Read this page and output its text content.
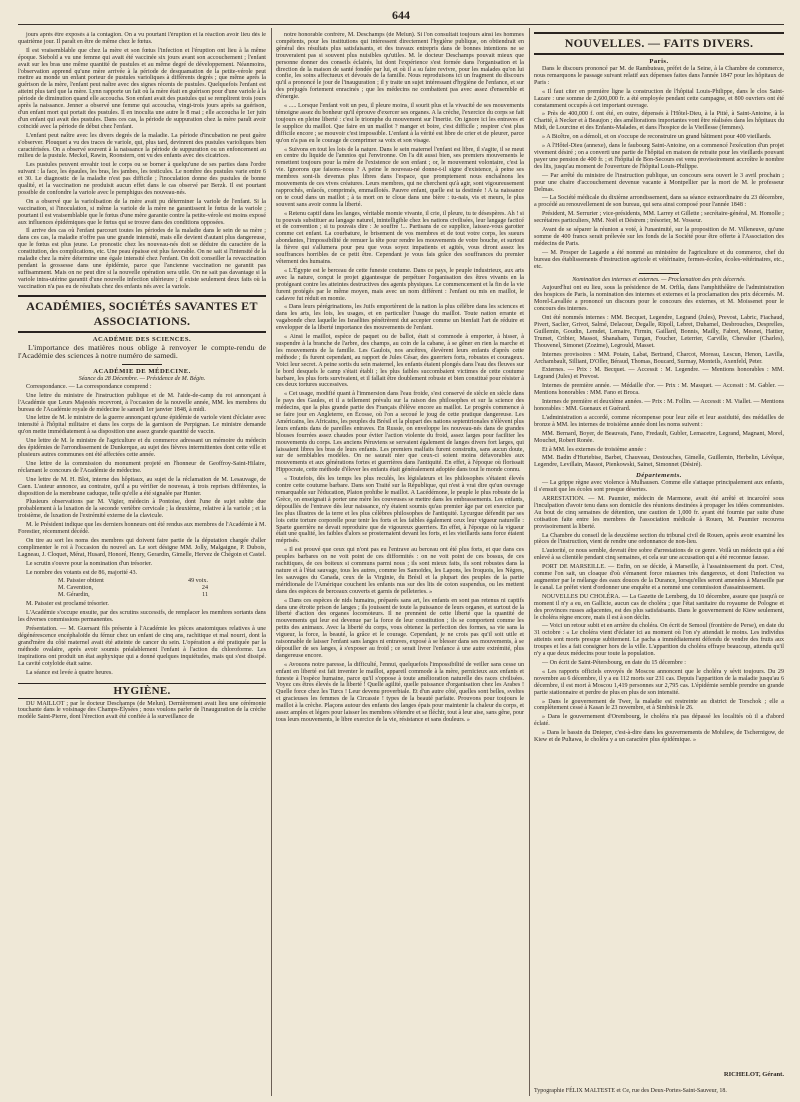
644

jours après être exposés à la contagion. On a vu pourtant l'éruption et la réaction avoir lieu dès le quatrième jour. Il paraît en être de même chez le fœtus.

Il est vraisemblable que chez la mère et son fœtus l'infection et l'éruption ont lieu à la même époque. Siebold a vu une femme qui avait été vaccinée six jours avant son accouchement ; l'enfant avait sur les bras une même quantité de pustules et au même degré de développement. Néanmoins, l'observation apprend qu'une mère arrivée à la période de desquamation de la petite-vérole peut mettre au monde un enfant porteur de pustules varioliques à différents degrés ; que même après la guérison de la mère, l'enfant peut naître avec des signes récents de pustules. Quelquefois l'enfant est atteint plus tard que la mère. Lynn rapporte un fait où la mère était en guérison pour d'une variole à la période de diminution quand elle accoucha. Son enfant avait des pustules qui se remplirent trois jours après la naissance. Jenner a observé une femme qui accoucha, vingt-trois jours après sa guérison, d'un enfant mort qui portait des pustules. Il en inoculta une autre le 8 mai ; elle accoucha le 1er juin d'un enfant qui avait des pustules. Dans ces cas, la période de suppuration chez la mère paraît avoir coïncidé avec la période de début chez l'enfant.

L'enfant peut naître avec les divers degrés de la maladie. La période d'incubation ne peut guère s'observer. Plouquet a vu des traces de variole, qui, plus tard, devinrent des pustules varioliques bien caractérisées. On a observé souvent à la naissance la période de suppuration ou un enfoncement au milieu de la pustule. Meckel, Rawin, Roonstern, ont vu des enfants avec des cicatrices.

Les pustules peuvent envahir tout le corps ou se borner à quelqu'une de ses parties dans l'ordre suivant : la face, les épaules, les bras, les jambes, les testicules. Le nombre des pustules varie entre 6 et 30. Le diagnostic de la maladie n'est pas difficile ; l'inoculation donne des pustules de bonne qualité, et la vaccination ne produisit aucun effet dans le cas observé par Berzk. Il est pourtant possible de confondre la variole avec le pemphigus des nouveau-nés.

On a observé que la variolisation de la mère avait pu déterminer la variole de l'enfant. Si la vaccination, si l'inoculation, si même la variole de la mère ne garantissent le fœtus de la variole ; pourtant il est vraisemblable que le fœtus d'une mère garantie contre la petite-vérole est moins exposé aux influences épidémiques que le fœtus qui se trouve dans des conditions opposées.

Il arrive des cas où l'enfant parcourt toutes les périodes de la maladie dans le sein de sa mère ; dans ces cas, la maladie n'offre pas une grande intensité, mais elle devient d'autant plus dangereuse, que le fœtus est plus jeune. Le pronostic chez les nouveau-nés doit se déduire du caractère de la constitution, des complications, etc. Une peau épaisse est plus favorable. On ne sait si l'intensité de la maladie chez la mère détermine une égale intensité chez l'enfant. On doit conseiller la revaccination pendant la grossesse dans une épidémie, parce que l'ancienne vaccination ne garantit pas suffisamment. Mais on ne peut dire si la nouvelle opération sera utile. On ne sait pas davantage si la variole intra-utérine garantit d'une nouvelle infection ultérieure ; il existe seulement deux faits où la vaccination n'a pas eu de résultats chez des enfants nés avec la variole.

ACADÉMIES, SOCIÉTÉS SAVANTES ET ASSOCIATIONS.
ACADÉMIE DES SCIENCES.

L'importance des matières nous oblige à renvoyer le compte-rendu de l'Académie des sciences à notre numéro de samedi.

ACADÉMIE DE MÉDECINE.
Séance du 28 Décembre. — Présidence de M. Bégin.

Correspondance. — La correspondance comprend :

Une lettre du ministre de l'instruction publique et de M. l'aide-de-camp du roi annonçant à l'Académie que Leurs Majestés recevront, à l'occasion de la nouvelle année, MM. les membres du bureau de l'Académie royale de médecine le samedi 1er janvier 1848, à midi.

Une lettre de M. le ministre de la guerre annonçant qu'une épidémie de variole vient d'éclater avec intensité à l'hôpital militaire et dans les corps de la garnison de Perpignan. Le ministre demande qu'on mette immédiatement à sa disposition une assez grande quantité de vaccin.

Une lettre de M. le ministre de l'agriculture et du commerce adressant un mémoire du médecin des épidémies de l'arrondissement de Dunkerque, au sujet des fièvres intermittentes dont cette ville et plusieurs autres communes ont été affectées cette année.

Une lettre de la commission du monument projeté en l'honneur de Geoffroy-Saint-Hilaire, réclamant le concours de l'Académie de médecine.

Une lettre de M. H. Blot, interne des hôpitaux, au sujet de la réclamation de M. Lesauvage, de Caen. L'auteur annonce, au contraire, qu'il a pu vérifier de nouveau, à trois reprises différentes, la disposition de la membrane caduque, telle qu'elle a été signalée par Hunter.

Plusieurs observations par M. Vigier, médecin à Pontoise, dont l'une de sujet subite due probablement à la luxation de la seconde vertèbre cervicale ; la deuxième, relative à la variole ; et la troisième, de luxation de l'extrémité externe de la clavicule.

M. le Président indique que les derniers honneurs ont été rendus aux membres de l'Académie à M. Forestier, récemment décédé.

On tire au sort les noms des membres qui doivent faire partie de la députation chargée d'aller complimenter le roi à l'occasion du nouvel an. Le sort désigne MM. Jolly, Malgaigne, P. Dubois, Lagneau, J. Cloquet, Mérat, Husard, Honoré, Henry, Gerardin, Gimelle, Hervez de Chégoin et Castel.

Le scrutin s'ouvre pour la nomination d'un trésorier.

Le nombre des votants est de 86, majorité 43.

M. Paissier obtient	49 voix.
M. Cavention,	24
M. Gérardin,	11

M. Paissier est proclamé trésorier.

L'Académie s'occupe ensuite, par des scrutins successifs, de remplacer les membres sortants dans les diverses commissions permanentes.

Présentation. — M. Guersant fils présente à l'Académie les pièces anatomiques relatives à une dégénérescence encéphaloïde du fémur chez un enfant de cinq ans, rachitique et mal nourri, dont la grand'mère du côté maternel avait été atteinte de cancer du sein. L'opération a été pratiquée par la méthode ovalaire, après avoir soumis préalablement l'enfant à l'action du chloroforme. Les inspirations ont produit un état asphyxique qui a donné quelques inquiétudes, mais qui s'est dissipé. La cavité cotyloïde était saine.

La séance est levée à quatre heures.

HYGIÈNE.

DU MAILLOT ; par le docteur Deschamps (de Melun). Dernièrement avait lieu une cérémonie touchante dans le voisinage des Champs-Élysées ; nous voulons parler de l'inauguration de la crèche modèle Saint-Pierre, dont l'érection avait été confiée à la surveillance de

notre honorable confrère, M. Deschamps (de Melun). Si l'on consultait toujours ainsi les hommes compétents, pour les institutions qui intéressent directement l'hygiène publique, on obtiendrait en général des résultats plus satisfaisants, et des travaux entrepris dans de bonnes intentions ne se trouveraient pas si souvent plus nuisibles qu'utiles. M. le docteur Deschamps pouvait mieux que personne donner des conseils éclairés, lui dont l'expérience s'est formée dans l'organisation et la direction de la maison de santé fondée par lui, et où il a su faire revivre, pour les malades qu'on lui confie, les soins affectueux et dévoués de la famille. Nous reproduisons ici un fragment du discours qu'il a prononcé le jour de l'inauguration ; il y traite un sujet intéressant d'hygiène de l'enfance, et sur des préjugés fortement enracinés ; que les médecins ne combattent pas avec assez d'ensemble et d'énergie.

« ..... Lorsque l'enfant voit un peu, il pleure moins, il sourit plus et la vivacité de ses mouvements témoigne assez du bonheur qu'il éprouve d'exercer ses organes. A la crèche, l'exercice du corps se fait toujours en pleine liberté : c'est le triomphe du mouvement sur l'inertie. On ignore ici les entraves et le supplice du maillot. Que faire en un maillot ? manger et boire, c'est difficile ; respirer c'est plus difficile encore ; se mouvoir c'est impossible. L'enfant à la vérité est libre de crier et de pleurer, parce qu'on n'a pas eu le courage de comprimer sa voix et son visage.

« Suivons en tout les lois de la nature. Dans le sein maternel l'enfant est libre, il s'agite, il se meut en centre du liquide de l'amnios qui l'environne. On l'a dit aussi bien, ses premiers mouvements le remettent toujours pour la mère de l'existence de son enfant ; or, le mouvement volontaire, c'est la vie. Ignorons que faisons-nous ? A peine le nouveau-né donne-t-il signe d'existence, à peine ses membres sont-ils devenus plus libres dans l'espace, que promptement nous enchaînons les mouvements de ces vives créatures. Leurs membres, qui ne cherchent qu'à agir, sont vigoureusement rapprochés, enlacés, comprimés, emmaillotés. Pauvre enfant, quelle est ta destinée ! A ta naissance on te coud dans un maillot ; à ta mort on te cloue dans une bière : tu-nais, vis et meurs, le plus souvent sans avoir connu la liberté.

« Retenu captif dans les langes, véritable momie vivante, il crie, il pleure, tu te désespères. Ah ! si tu pouvais substituer au langage naturel, inintelligible chez les nations civilisées, leur langage facticé et de convention ; si tu pouvais dire : Je souffre !... Partisans de ce supplice, laissez-vous garotter comme cet enfant. La courbature, le brisement de vos membres et de tout votre corps, les sueurs abondantes, l'impossibilité de remuer la tête pour rendre les mouvements de votre bouche, et surtout la fièvre qui s'allumera pour peu que vous soyez impatients et agités, vous diront assez les souffrances horribles de ce petit être. Cependant je vous fais grâce des souffrances du premier vêtement des humains.

« L'Égypte est le berceau de cette funeste coutume. Dans ce pays, le peuple industrieux, aux arts avec la nature, conçut le projet gigantesque de perpétuer l'organisation des êtres vivants en la protégeant contre les atteintes destructives des agents physiques. Le commencement et la fin de la vie furent protégés par le même moyen, mais avec un nom différent : l'enfant ou mis en maillot, le cadavre fut réduit en momie.

« Dans leurs pérégrinations, les Juifs emportèrent de la nation la plus célèbre dans les sciences et dans les arts, les lois, les usages, et en particulier l'usage du maillot. Toute nation errante et vagabonde chez laquelle les Israélites pénétrèrent dut accepter comme un bienfait l'art de réduire et envelopper de la liberté importance des mouvements de l'enfant.

« Ainsi le maillot, espèce de paquet ou de ballot, était si commode à emporter, à hisser, à suspendre à la branche de l'arbre, des champs, au coin de la cabane, à se gêner en rien la marche et les mouvements de la famille. Les Gaulois, nos ancêtres, élevèrent leurs enfants d'après cette méthode ; ils furent cependant, au rapport de Jules César, des guerriers forts, robustes et courageux. Voici leur secret. A peine sortis du sein maternel, les enfants étaient plongés dans l'eau des fleuves sur le bord desquels le camp s'était établi ; les plus faibles succombaient victimes de cette coutume barbare, les plus forts survivaient, et il fallait être doublement robuste et bien constitué pour résister à ces deux tortures successives.

« Cet usage, modifié quant à l'immersion dans l'eau froide, s'est conservé de siècle en siècle dans le pays des Gaules, et il a tellement prévalu sur la raison des philosophes et sur la science des médecins, que la plus grande partie des Français d'élève encore au maillot. Le progrès commence à se faire jour en Angleterre, en Écosse, où l'on a secoué le joug de cette pratique dangereuse. Les Américains, les Africains, les peuples du Brésil et la plupart des nations septentrionales n'élèvent plus leurs enfants dans de pareilles entraves. En Russie, on enveloppe les nouveau-nés dans de grandes blouses fourrées assez chaudes pour éviter l'action violente du froid, assez larges pour faciliter les mouvements du corps. Les anciens Péruviens se servaient également de langes divers fort larges, qui laissaient libres les bras de leurs enfants. Les premiers malfaits furent construits, sans aucun doute, sur de semblables modèles. On ne saurait nier que ceux-ci soient moins défavorables aux mouvements et aux générations fortes et guerrières dans l'antiquité. En effet, à l'époque où florissait Hippocrate, cette méthode d'élever les enfants était généralement adoptée dans tout le monde connu.

« Toutefois, dès les temps les plus reculés, les législateurs et les philosophes s'étaient élevés contre cette coutume barbare. Dans son Traité sur la République, qui n'est à vrai dire qu'un ouvrage remarquable sur l'éducation, Platon prohibe le maillot. A Lacédémone, le peuple le plus robuste de la Grèce, on enseignait à porter une mère les couveuses se mettre dans les embrassements. Les enfants, dépouillés de l'entrave dès leur naissance, n'y étaient soumis qu'au premier âge par cet exercice par les plus illustres de la terre et les plus célèbres philosophes de l'antiquité. Lycurgue défendit par ses lois cette torture corporelle pour tenir les forts et les faibles également ceux leur vigueur naturelle : Sparte guerrière ne devait reproduire que de vigoureux guerriers. En effet, à l'époque où la vigueur était une qualité, les faibles d'alors se prosternaient devant les forts, et les vieillards sans force étaient méprisés.

« Il est prouvé que ceux qui n'ont pas eu l'entrave au berceau ont été plus forts, et que dans ces peuples barbares on ne voit point de ces difformités : on ne voit point de ces bossus, de ces rachitiques, de ces boiteux si communs parmi nous ; ils sont mieux faits, ils sont robustes dans la nature et à l'état sauvage, tous les autres, comme les Samoïdes, les Lapons, les Iroquois, les Nègres, les sauvages du Canada, ceux de la Virginie, du Brésil et la plupart des peuples de la partie méridionale de l'Amérique couchent les enfants nus sur des lits de coton suspendus, ou les mettent dans des espèces de berceaux couverts et garnis de pelleteries. »

« Dans ces espèces de nids humains, préparés sans art, les enfants en sont pas retenus ni captifs dans une étroite prison de langes ; ils jouissent de toute la puissance de leurs organes, et surtout de la liberté d'action des organes locomoteurs. Il ne prennent de cette liberté que la quantité de mouvements qui leur est devenue par la force de leur constitution ; ils se comportent comme les petits des animaux. Avec la liberté du corps, vous obtenez la perfection des formes, sa vie sans la vigueur, la force, la beauté, la grâce et le courage. Cependant, je ne crois pas qu'il soit utile et raisonnable de laisser l'enfant sans langes ni entraves, exposé à se blesser dans ses mouvements, à se dépouiller de ses langes, à s'exposer au froid ; ce serait livrer l'enfance à une autre extrémité, plus dangereuse encore.

« Avouons notre paresse, la difficulté, l'ennui, quelquefois l'impossibilité de veiller sans cesse un enfant en liberté est fait inventer le maillot, appareil commode à la mère, pernicieux aux enfants et funeste à l'espèce humaine, parce qu'il s'oppose à toute amélioration naturelle des races civilisées. Voyez ces êtres élevés de la liberté ! Quelle agilité, quelle puissance d'organisation chez les Arabes ! Quelle force chez les Turcs ! Leur devenu proverbiale. Et d'un autre côté, quelles sont belles, sveltes et gracieuses les femmes de la Circassie ! types de la beauté parfaite. Prouvons pour toujours le maillot à la crèche. Plaçons autour des enfants des langes épais pour maintenir la chaleur du corps, et assez amples et légers pour laisser les membres s'étendre et se fléchir, tout à leur aise, sans gêne, pour tous leurs mouvements, le libre exercice de la vie, résistance et sans douleurs. »

NOUVELLES. — FAITS DIVERS.
Paris.

Dans le discours prononcé par M. de Rambuteau, préfet de la Seine, à la Chambre de commerce, nous remarquons le passage suivant relatif aux dépenses faites dans l'année 1847 pour les hôpitaux de Paris :

« Il faut citer en première ligne la construction de l'hôpital Louis-Philippe, dans le clos Saint-Lazare : une somme de 2,600,000 fr. a été employée pendant cette campagne, et 800 ouvriers ont été constamment occupés à cet important ouvrage.

» Près de 400,000 f. ont été, en outre, dépensés à l'Hôtel-Dieu, à la Pitié, à Saint-Antoine, à la Charité, à Necker et à Beaujon ; des améliorations importantes vont être réalisées dans les hôpitaux du Midi, de Lourcine et des Enfants-Malades, et dans l'hospice de la Vieillesse (femmes).

» A Bicêtre, on a démoli, et on s'occupe de reconstruire un grand bâtiment pour 400 vieillards.

» A l'Hôtel-Dieu (annexe), dans le faubourg Saint-Antoine, on a commencé l'exécution d'un projet vivement désiré ; on a converti une partie de l'hôpital en maison de retraite pour les vieillards pouvant payer une pension de 400 fr. ; et l'hôpital de Bon-Secours est venu provisoirement accroître le nombre des lits, jusqu'au moment de l'ouverture de l'hôpital Louis-Philippe.

— Par arrêté du ministre de l'instruction publique, un concours sera ouvert le 3 avril prochain ; pour une chaire d'accouchement devenue vacante à Montpellier par la mort de M. le professeur Delmas.

— La Société médicale du dixième arrondissement, dans sa séance extraordinaire du 23 décembre, a procédé au renouvellement de son bureau, qui sera ainsi composé pour l'année 1848 :

Président, M. Serrurier ; vice-présidents, MM. Larrey et Gillette ; secrétaire-général, M. Homolle ; secrétaires particuliers, MM. Noël et Déstrem ; trésorier, M. Vosseur.

Avant de se séparer la réunion a voté, à l'unanimité, sur la proposition de M. Villeneuve, qu'une somme de 400 francs serait prélevée sur les fonds de la Société pour être offerte à l'Association des médecins de Paris.

— M. Prosper de Lagarde a été nommé au ministère de l'agriculture et du commerce, chef du bureau des établissements d'instruction agricole et vétérinaire, fermes-écoles, écoles-vétérinaires, etc., etc.

Nomination des internes et externes. — Proclamation des prix décernés.

Aujourd'hui ont eu lieu, sous la présidence de M. Orfila, dans l'amphithéâtre de l'administration des hospices de Paris, la nomination des internes et externes et la proclamation des prix décernés. M. Morel-Lavallée a prononcé un discours pour le concours des externes, et M. Moissenet pour le concours des internes.

Ont été nommés internes : MM. Becquet, Legendre, Legrand (Jules), Prevost, Labric, Fiachaud, Pivert, Saclier, Grivot, Salmé, Delacour, Degalle, Ripoll, Lebret, Duhamel, Desbrouches, Desprelles, Guillemin, Goudin, Lemdet, Lemaire, Firmin, Gaillard, Bonnis, Mailly, Fabret, Mesnet, Hattier, Trumet, Cribier, Massot, Shanaham, Turgan, Foucher, Leterrier, Carville, Chevalier (Charles), Thouvenel, Simonet (Zozime), Legrould, Masset.

Internes provisoires : MM. Potain, Labat, Bertrand, Charcot, Moreau, Lescun, Henon, Lavilla, Archambault, Silliant, D'Oller, Béraud, Thomas, Boucard, Surmay, Monteils, Axenfeld, Peter.

Externes. — Prix : M. Becquet. — Accessit : M. Legendre. — Mentions honorables : MM. Legrand (Jules) et Prevost.

Internes de première année. — Médaille d'or. — Prix : M. Masquet. — Accessit : M. Gabler. — Mentions honorables : MM. Fano et Broca.

Internes de première et deuxième années. — Prix : M. Follin. — Accessit : M. Viallet. — Mentions honorables : MM. Guenaux et Guérard.

L'administration a accordé, comme récompense pour leur zèle et leur assiduité, des médailles de bronze à MM. les internes de troisième année dont les noms suivent :

MM. Bernard, Boyer, de Beauvais, Fano, Fredault, Gubler, Lemacetre, Legrand, Magnant, Morel, Mouchet, Robert Ronée.

Et à MM. les externes de troisième année :

MM. Badin d'Hurtebise, Barbet, Chauveau, Destouches, Gimelle, Guillemin, Herbelin, Lévêque, Legendre, Levillain, Massot, Pienkowski, Sainet, Simonnet (Désiré).

Départements.

— La grippe règne avec violence à Mulhausen. Comme elle s'attaque principalement aux enfants, il s'ensuit que les écoles sont presque désertes.

ARRESTATION. — M. Paumier, médecin de Marmone, avait été arrêté et incarcéré sous l'inculpation d'avoir tenu dans son domicile des réunions destinées à propager les idées communistes. Au bout de cinq semaines de détention, une caution de 1,000 fr. ayant été fournie par suite d'une cotisation faite entre les membres de l'association médicale à Rouen, M. Paumier recouvra provisoirement la liberté.

La Chambre du conseil de la deuxième section du tribunal civil de Rouen, après avoir examiné les pièces de l'instruction, vient de rendre une ordonnance de non-lieu.

L'autorité, ce nous semble, devrait être sobre d'arrestations de ce genre. Voilà un médecin qui a été enlevé à sa clientèle pendant cinq semaines, et cela sur une accusation qui a été reconnue fausse.

PORT DE MARSEILLE. — Enfin, on se décide, à Marseille, à l'assainissement du port. C'est, comme l'on sait, un cloaque d'où s'émanent force miasmes très dangereux, et dont l'infection va augmenter par le mélange des eaux douces de la Durance, lorsqu'elles seront amenées à Marseille par le canal. Le préfet vient d'ordonner une enquête et a nommé une commission d'assainissement.

NOUVELLES DU CHOLÉRA. — La Gazette de Lemberg, du 10 décembre, assure que jusqu'à ce moment il n'y a eu, en Gallicie, aucun cas de choléra ; que l'état sanitaire du royaume de Pologne et des provinces russes adjacentes, est des plus satisfaisants. Dans le gouvernement de Kiew seulement, le choléra règne encore, mais il est à son déclin.

— Voici un retour subit et en arrière du choléra. On écrit de Semoul (frontière de Perse), en date du 31 octobre : « Le choléra vient d'éclater ici au moment où l'on s'y attendait le moins. Les individus atteints sont morts presque subitement. Le pacha a immédiatement défendu de vendre des fruits aux troupes et les a fait consigner hors de la ville. L'apparition du choléra effraye beaucoup, attendu qu'il n'y a que deux médecins pour toute la population.

— On écrit de Saint-Pétersbourg, en date du 15 décembre :

« Les rapports officiels envoyés de Moscou annoncent que le choléra y sévit toujours. Du 29 novembre au 6 décembre, il y a eu 112 morts sur 231 cas. Depuis l'apparition de la maladie jusqu'au 6 décembre, il est mort à Moscou 1,419 personnes sur 2,795 cas. L'épidémie semble prendre un grande partie stationnaire et perdre de plus en plus de son intensité.

» Dans le gouvernement de Twer, la maladie est restreinte au district de Torschok ; elle a complètement cessé à Kasan le 23 novembre, et à Simbirsk le 26.

» Dans le gouvernement d'Orembourg, le choléra n'a pas dépassé les localités où il a d'abord éclaté.

» Dans le bassin du Dnieper, c'est-à-dire dans les gouvernements de Mohilew, de Tschernigow, de Kiew et de Pultawa, le choléra y a un caractère plus épidémique. »

RICHELOT, Gérant.
Typographie FÉLIX MALTESTE et Ce, rue des Deux-Portes-Saint-Sauveur, 18.
